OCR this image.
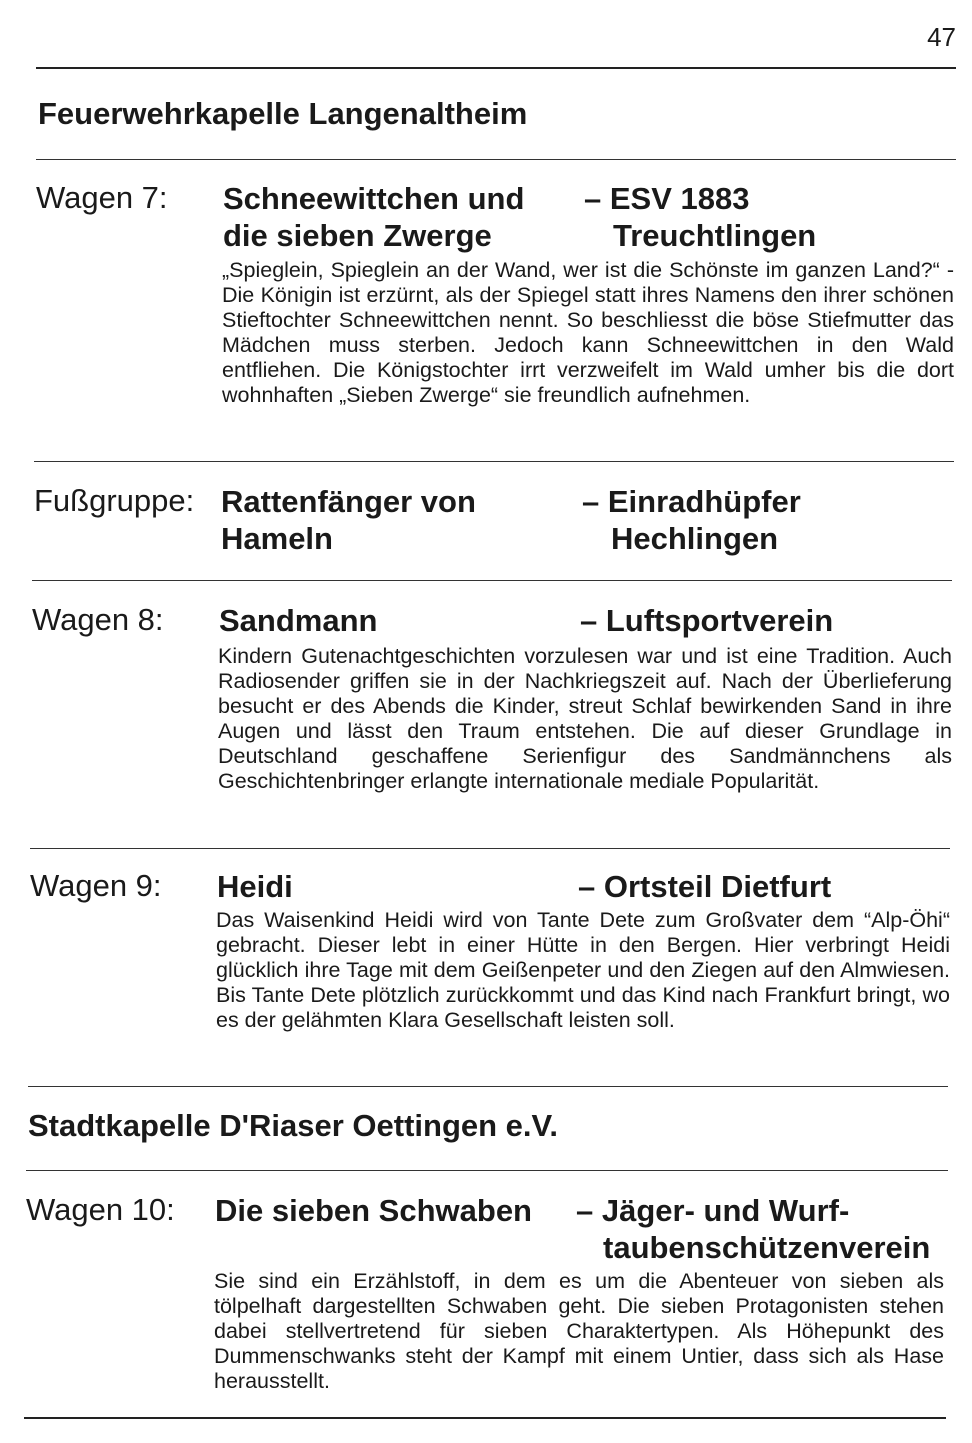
47
Feuerwehrkapelle Langenaltheim
Wagen 7: Schneewittchen und
die sieben Zwerge
– ESV 1883
Treuchtlingen
„Spieglein, Spieglein an der Wand, wer ist die Schönste im ganzen Land?“ - Die Königin ist erzürnt, als der Spiegel statt ihres Namens den ihrer schönen Stieftochter Schneewittchen nennt. So beschliesst die böse Stiefmutter das Mädchen muss sterben. Jedoch kann Schneewittchen in den Wald entfliehen. Die Königstochter irrt verzweifelt im Wald umher bis die dort wohnhaften „Sieben Zwerge“ sie freundlich aufnehmen.
Fußgruppe: Rattenfänger von
Hameln
– Einradhüpfer
Hechlingen
Wagen 8: Sandmann	– Luftsportverein
Kindern Gutenachtgeschichten vorzulesen war und ist eine Tradition. Auch Radiosender griffen sie in der Nachkriegszeit auf. Nach der Überlieferung besucht er des Abends die Kinder, streut Schlaf bewirkenden Sand in ihre Augen und lässt den Traum entstehen. Die auf dieser Grundlage in Deutschland geschaffene Serienfigur des Sandmännchens als Geschichtenbringer erlangte internationale mediale Popularität.
Wagen 9: Heidi	– Ortsteil Dietfurt
Das Waisenkind Heidi wird von Tante Dete zum Großvater dem “Alp-Öhi“ gebracht. Dieser lebt in einer Hütte in den Bergen. Hier verbringt Heidi glücklich ihre Tage mit dem Geißenpeter und den Ziegen auf den Almwiesen. Bis Tante Dete plötzlich zurückkommt und das Kind nach Frankfurt bringt, wo es der gelähmten Klara Gesellschaft leisten soll.
Stadtkapelle D'Riaser Oettingen e.V.
Wagen 10: Die sieben Schwaben – Jäger- und Wurf-
taubenschützenverein
Sie sind ein Erzählstoff, in dem es um die Abenteuer von sieben als tölpelhaft dargestellten Schwaben geht. Die sieben Protagonisten stehen dabei stellvertretend für sieben Charaktertypen. Als Höhepunkt des Dummenschwanks steht der Kampf mit einem Untier, dass sich als Hase herausstellt.
